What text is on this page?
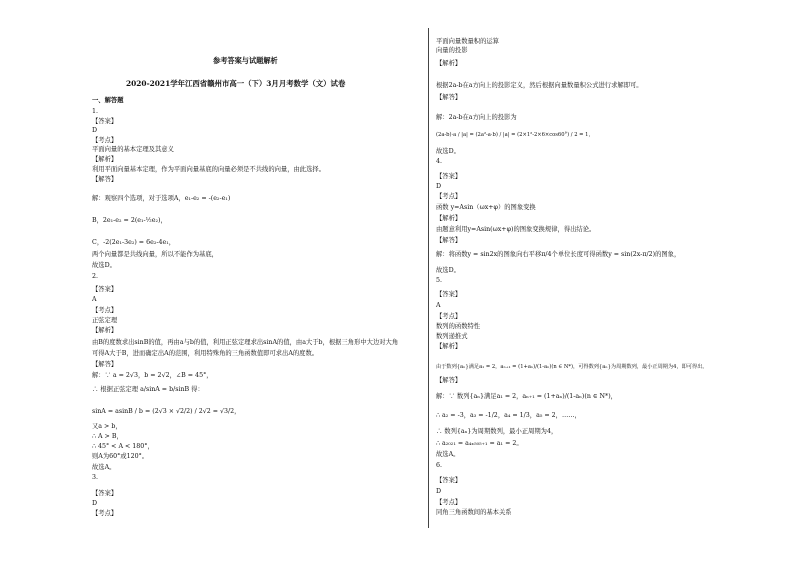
参考答案与试题解析
2020-2021学年江西省赣州市高一（下）3月月考数学（文）试卷
一、解答题
1.
【答案】
D
【考点】
平面向量的基本定理及其意义
【解析】
利用平面向量基本定理，作为平面向量基底的向量必须是不共线的向量，由此选择。
【解答】
解：观察四个选项，对于选项A，e₁-e₂ = -(e₂-e₁)
B，2e₁-e₂ = 2(e₁-½e₂)，
C，-2(2e₁-3e₂) = 6e₂-4e₁，
两个向量都是共线向量，所以不能作为基底，
故选D。
2.
【答案】
A
【考点】
正弦定理
【解析】
由B的度数求出sinB的值，再由a与b的值，利用正弦定理求出sinA的值，由a大于b，根据三角形中大边对大角
可得A大于B，进而确定出A的范围，利用特殊角的三角函数值即可求出A的度数。
【解答】
解：∵ a = 2√3，b = 2√2，∠B = 45°，
∴ 根据正弦定理 a/sinA = b/sinB 得：
sinA = asinB / b = (2√3 × √2/2) / 2√2 = √3/2，
又a > b，
∴ A > B，
∴ 45° < A < 180°，
则A为60°或120°。
故选A。
3.
【答案】
D
【考点】
平面向量数量积的运算
向量的投影
【解析】
根据2a-b在a方向上的投影定义，然后根据向量数量积公式进行求解即可。
【解答】
解：2a-b在a方向上的投影为
(2a-b)·a / |a| = (2a²-a·b) / |a| = (2×1²-2×6×cos60°) / 2 = 1，
故选D。
4.
【答案】
D
【考点】
函数 y=Asin（ωx+φ）的图象变换
【解析】
由题意利用y=Asin(ωx+φ)的图象变换规律，得出结论。
【解答】
解：将函数y = sin2x的图象向右平移π/4个单位长度可得函数y = sin(2x-π/2)的图象，
故选D。
5.
【答案】
A
【考点】
数列的函数特性
数列递推式
【解析】
由于数列{aₙ}满足a₁ = 2，aₙ₊₁ = (1+aₙ)/(1-aₙ)(n ∈ N*)，可得数列{aₙ}为周期数列，最小正周期为4，即可得出。
【解答】
解：∵ 数列{aₙ}满足a₁ = 2，aₙ₊₁ = (1+aₙ)/(1-aₙ)(n ∈ N*)，
∴ a₂ = -3，a₃ = -1/2，a₄ = 1/3，a₅ = 2，……，
∴ 数列{aₙ}为周期数列，最小正周期为4，
∴ a₂₀₂₁ = a₄ₓ₅₀₅₊₁ = a₁ = 2。
故选A。
6.
【答案】
D
【考点】
同角三角函数间的基本关系
